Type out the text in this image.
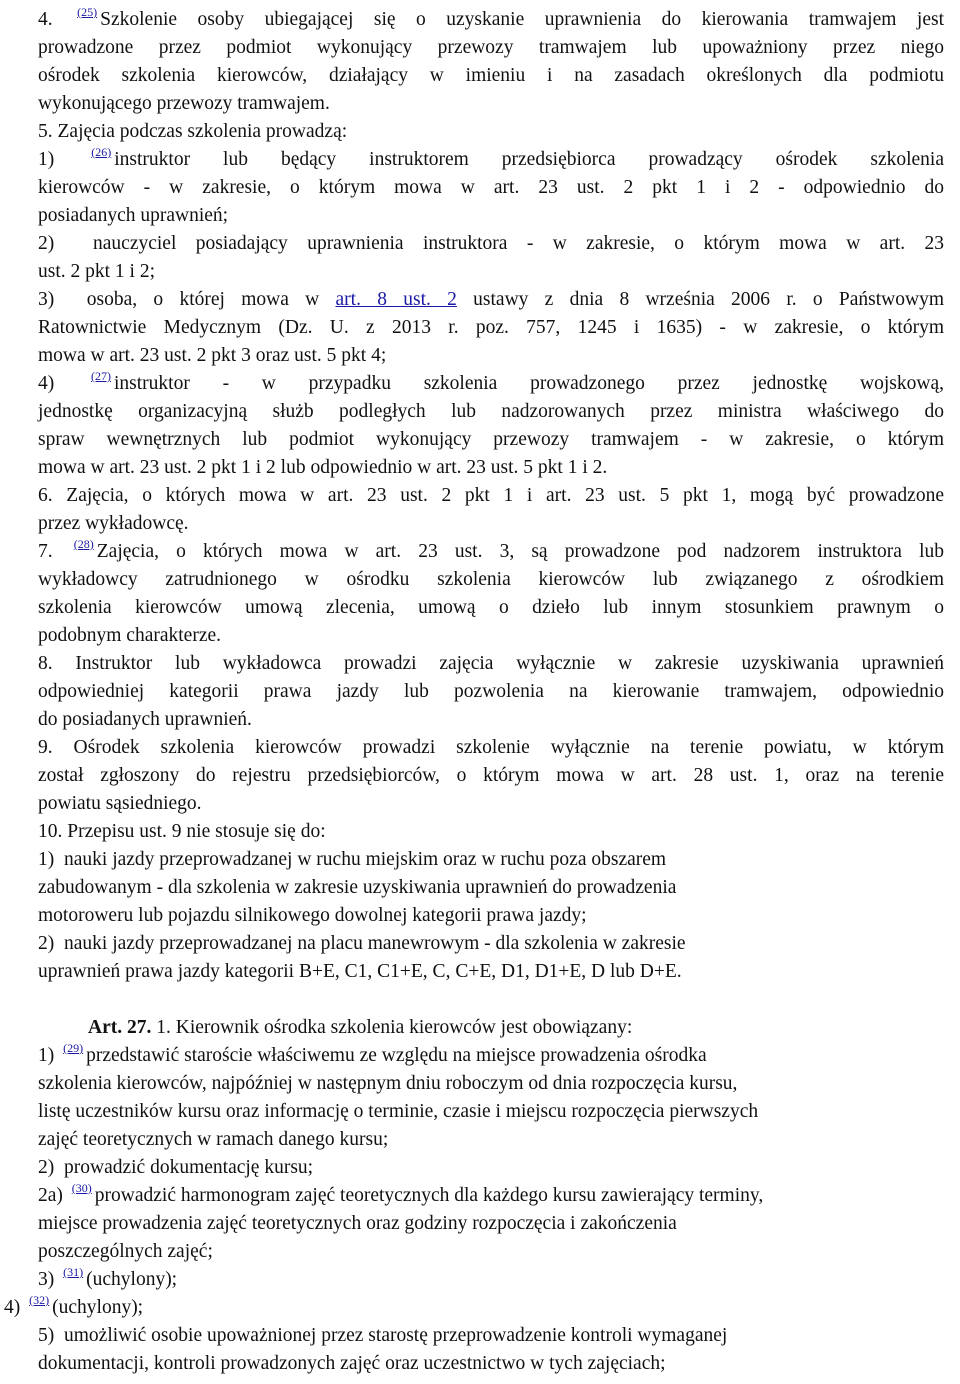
4. $^{(25)}$ Szkolenie osoby ubiegającej się o uzyskanie uprawnienia do kierowania tramwajem jest
prowadzone przez podmiot wykonujący przewozy tramwajem lub upoważniony przez niego
ośrodek szkolenia kierowców, działający w imieniu i na zasadach określonych dla podmiotu
wykonującego przewozy tramwajem.
5. Zajęcia podczas szkolenia prowadzą:
1) $^{(26)}$ instruktor lub będący instruktorem przedsiębiorca prowadzący ośrodek szkolenia
kierowców - w zakresie, o którym mowa w art. 23 ust. 2 pkt 1 i 2 - odpowiednio do
posiadanych uprawnień;
2)  nauczyciel posiadający uprawnienia instruktora - w zakresie, o którym mowa w art. 23
ust. 2 pkt 1 i 2;
3)  osoba, o której mowa w art. 8 ust. 2 ustawy z dnia 8 września 2006 r. o Państwowym
Ratownictwie Medycznym (Dz. U. z 2013 r. poz. 757, 1245 i 1635) - w zakresie, o którym
mowa w art. 23 ust. 2 pkt 3 oraz ust. 5 pkt 4;
4) $^{(27)}$ instruktor - w przypadku szkolenia prowadzonego przez jednostkę wojskową,
jednostkę organizacyjną służb podległych lub nadzorowanych przez ministra właściwego do
spraw wewnętrznych lub podmiot wykonujący przewozy tramwajem - w zakresie, o którym
mowa w art. 23 ust. 2 pkt 1 i 2 lub odpowiednio w art. 23 ust. 5 pkt 1 i 2.
6. Zajęcia, o których mowa w art. 23 ust. 2 pkt 1 i art. 23 ust. 5 pkt 1, mogą być prowadzone
przez wykładowcę.
7. $^{(28)}$ Zajęcia, o których mowa w art. 23 ust. 3, są prowadzone pod nadzorem instruktora lub
wykładowcy zatrudnionego w ośrodku szkolenia kierowców lub związanego z ośrodkiem
szkolenia kierowców umową zlecenia, umową o dzieło lub innym stosunkiem prawnym o
podobnym charakterze.
8. Instruktor lub wykładowca prowadzi zajęcia wyłącznie w zakresie uzyskiwania uprawnień
odpowiedniej kategorii prawa jazdy lub pozwolenia na kierowanie tramwajem, odpowiednio
do posiadanych uprawnień.
9. Ośrodek szkolenia kierowców prowadzi szkolenie wyłącznie na terenie powiatu, w którym
został zgłoszony do rejestru przedsiębiorców, o którym mowa w art. 28 ust. 1, oraz na terenie
powiatu sąsiedniego.
10. Przepisu ust. 9 nie stosuje się do:
1)  nauki jazdy przeprowadzanej w ruchu miejskim oraz w ruchu poza obszarem
zabudowanym - dla szkolenia w zakresie uzyskiwania uprawnień do prowadzenia
motoroweru lub pojazdu silnikowego dowolnej kategorii prawa jazdy;
2)  nauki jazdy przeprowadzanej na placu manewrowym - dla szkolenia w zakresie
uprawnień prawa jazdy kategorii B+E, C1, C1+E, C, C+E, D1, D1+E, D lub D+E.
Art. 27. 1. Kierownik ośrodka szkolenia kierowców jest obowiązany:
1) $^{(29)}$ przedstawić staroście właściwemu ze względu na miejsce prowadzenia ośrodka
szkolenia kierowców, najpóźniej w następnym dniu roboczym od dnia rozpoczęcia kursu,
listę uczestników kursu oraz informację o terminie, czasie i miejscu rozpoczęcia pierwszych
zajęć teoretycznych w ramach danego kursu;
2)  prowadzić dokumentację kursu;
2a) $^{(30)}$ prowadzić harmonogram zajęć teoretycznych dla każdego kursu zawierający terminy,
miejsce prowadzenia zajęć teoretycznych oraz godziny rozpoczęcia i zakończenia
poszczególnych zajęć;
3) $^{(31)}$ (uchylony);
4) $^{(32)}$ (uchylony);
5)  umożliwić osobie upoważnionej przez starostę przeprowadzenie kontroli wymaganej
dokumentacji, kontroli prowadzonych zajęć oraz uczestnictwo w tych zajęciach;
